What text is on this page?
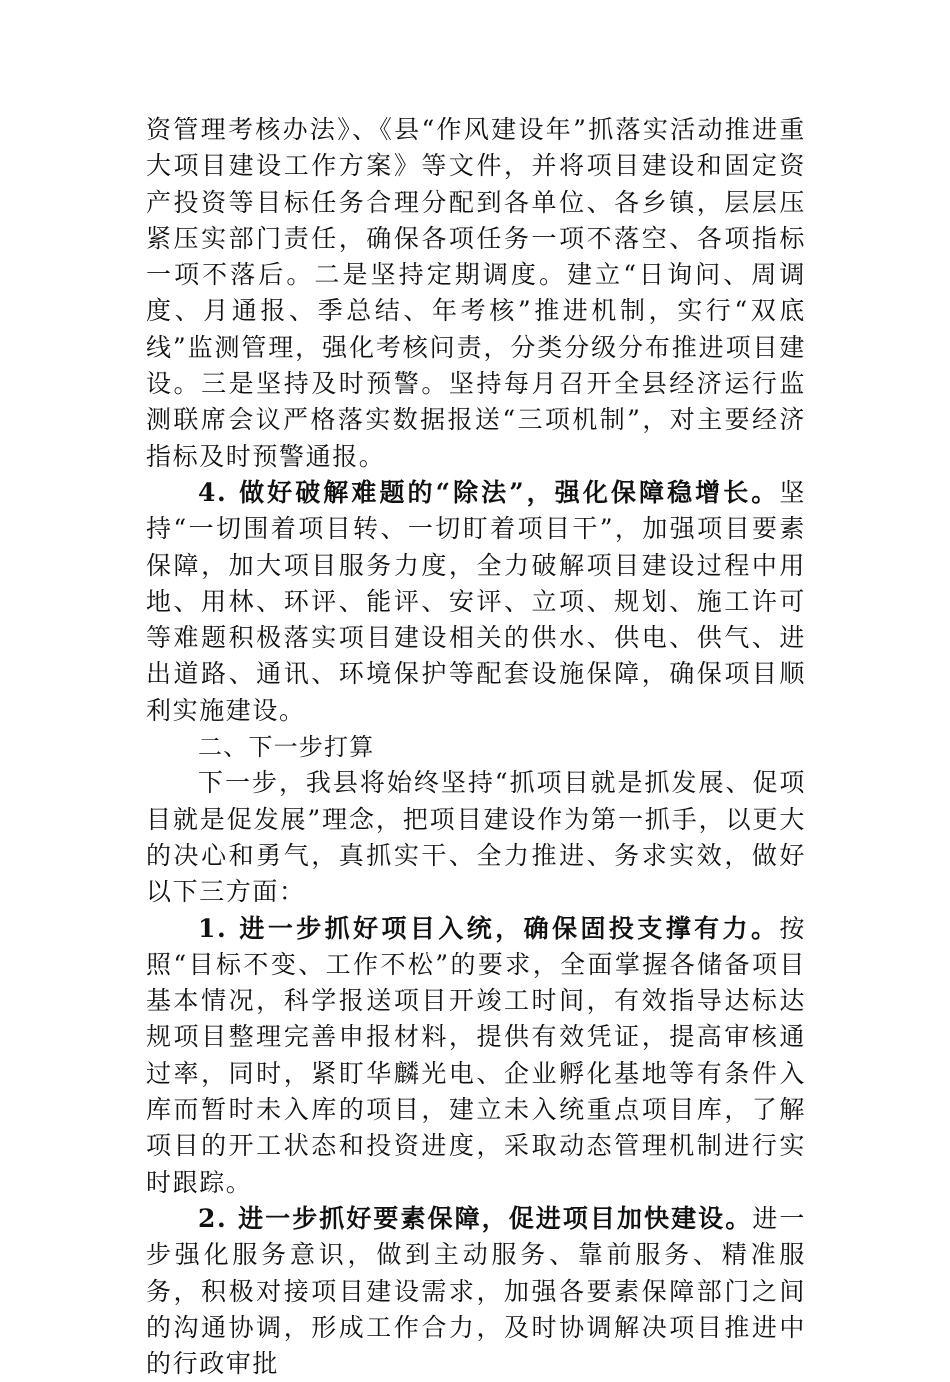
资管理考核办法》、《县“作风建设年”抓落实活动推进重大项目建设工作方案》等文件，并将项目建设和固定资产投资等目标任务合理分配到各单位、各乡镇，层层压紧压实部门责任，确保各项任务一项不落空、各项指标一项不落后。二是坚持定期调度。建立“日询问、周调度、月通报、季总结、年考核”推进机制，实行“双底线”监测管理，强化考核问责，分类分级分布推进项目建设。三是坚持及时预警。坚持每月召开全县经济运行监测联席会议严格落实数据报送“三项机制”，对主要经济指标及时预警通报。

4. 做好破解难题的“除法”，强化保障稳增长。坚持“一切围着项目转、一切盯着项目干”，加强项目要素保障，加大项目服务力度，全力破解项目建设过程中用地、用林、环评、能评、安评、立项、规划、施工许可等难题积极落实项目建设相关的供水、供电、供气、进出道路、通讯、环境保护等配套设施保障，确保项目顺利实施建设。

二、下一步打算

下一步，我县将始终坚持“抓项目就是抓发展、促项目就是促发展”理念，把项目建设作为第一抓手，以更大的决心和勇气，真抓实干、全力推进、务求实效，做好以下三方面：

1. 进一步抓好项目入统，确保固投支撑有力。按照“目标不变、工作不松”的要求，全面掌握各储备项目基本情况，科学报送项目开竣工时间，有效指导达标达规项目整理完善申报材料，提供有效凭证，提高审核通过率，同时，紧盯华麟光电、企业孵化基地等有条件入库而暂时未入库的项目，建立未入统重点项目库，了解项目的开工状态和投资进度，采取动态管理机制进行实时跟踪。

2. 进一步抓好要素保障，促进项目加快建设。进一步强化服务意识，做到主动服务、靠前服务、精准服务，积极对接项目建设需求，加强各要素保障部门之间的沟通协调，形成工作合力，及时协调解决项目推进中的行政审批
